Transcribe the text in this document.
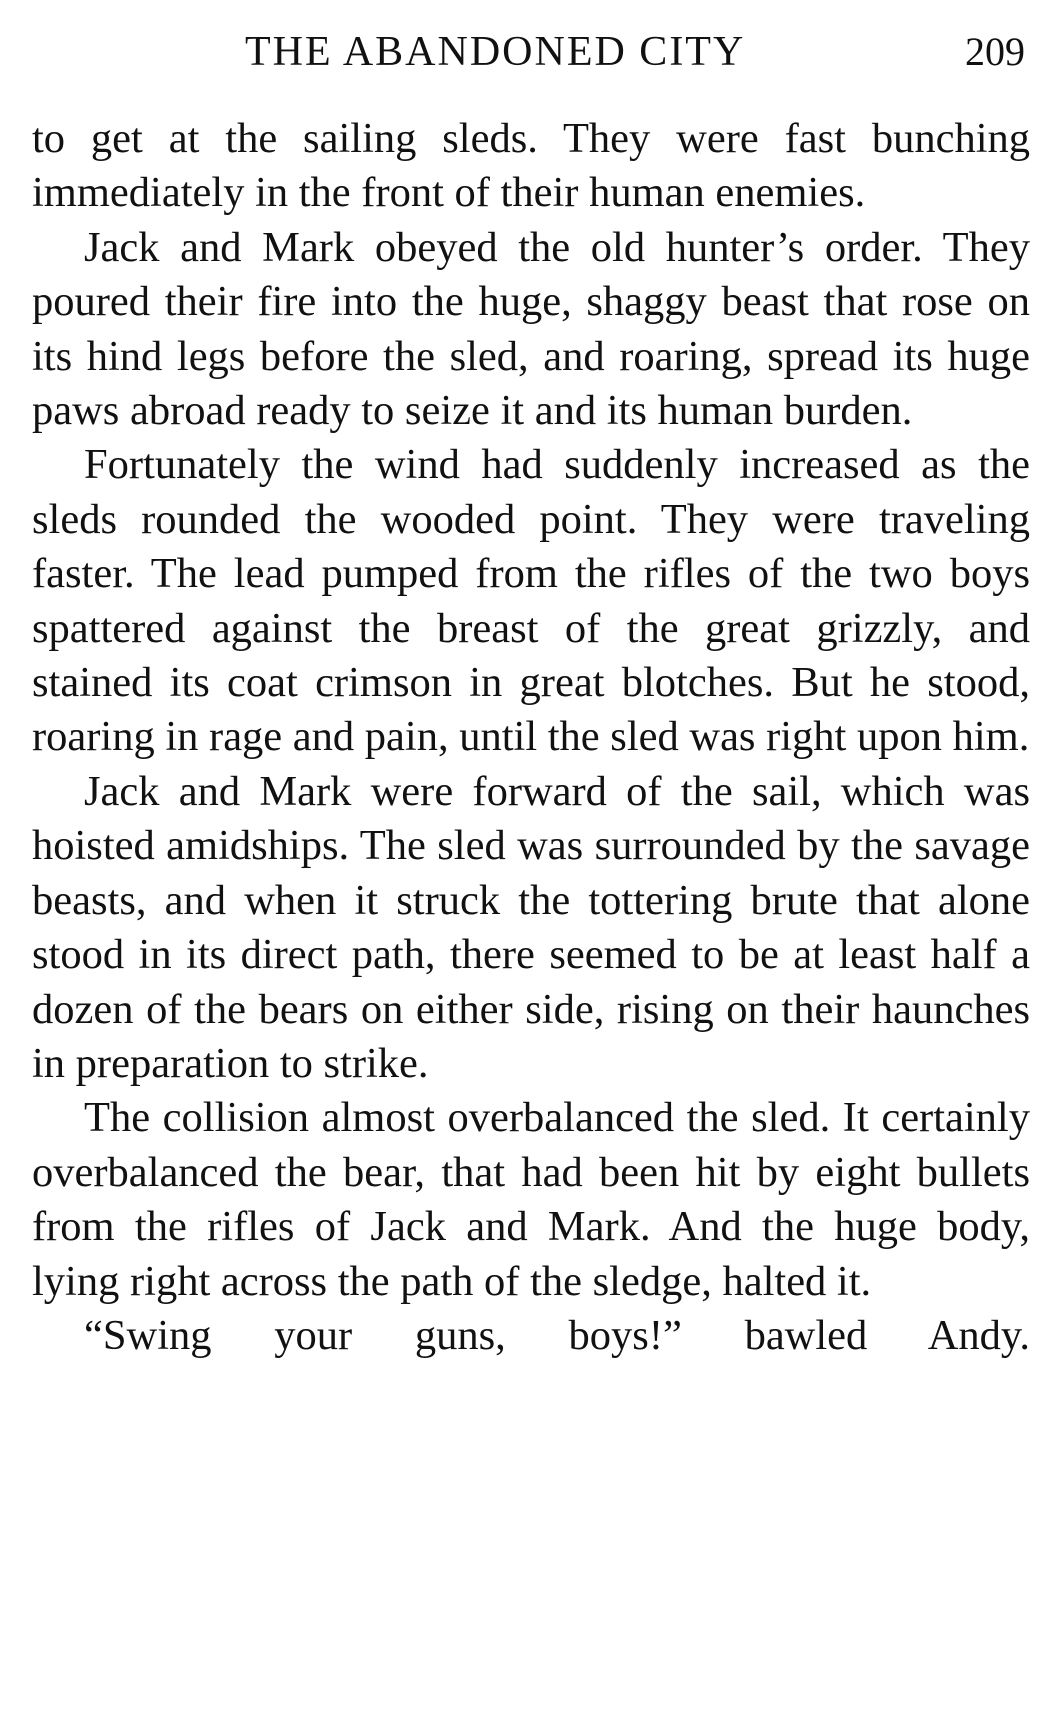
THE ABANDONED CITY	209

to get at the sailing sleds. They were fast bunching immediately in the front of their human enemies.

Jack and Mark obeyed the old hunter’s order. They poured their fire into the huge, shaggy beast that rose on its hind legs before the sled, and roaring, spread its huge paws abroad ready to seize it and its human burden.

Fortunately the wind had suddenly increased as the sleds rounded the wooded point. They were traveling faster. The lead pumped from the rifles of the two boys spattered against the breast of the great grizzly, and stained its coat crimson in great blotches. But he stood, roaring in rage and pain, until the sled was right upon him.

Jack and Mark were forward of the sail, which was hoisted amidships. The sled was surrounded by the savage beasts, and when it struck the tottering brute that alone stood in its direct path, there seemed to be at least half a dozen of the bears on either side, rising on their haunches in preparation to strike.

The collision almost overbalanced the sled. It certainly overbalanced the bear, that had been hit by eight bullets from the rifles of Jack and Mark. And the huge body, lying right across the path of the sledge, halted it.

“Swing your guns, boys!” bawled Andy.
